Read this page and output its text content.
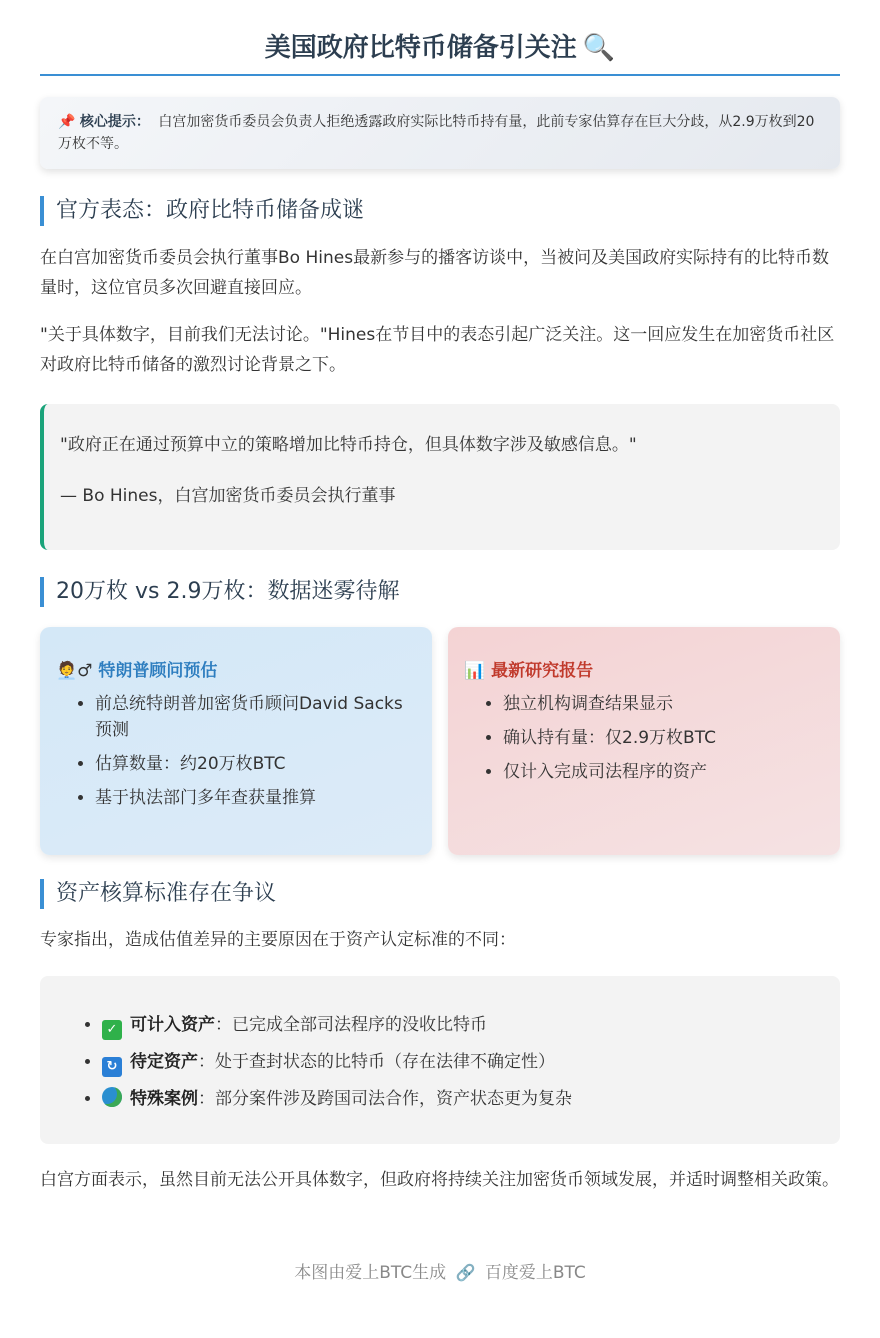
美国政府比特币储备引关注 🔍
📌 核心提示： 白宫加密货币委员会负责人拒绝透露政府实际比特币持有量，此前专家估算存在巨大分歧，从2.9万枚到20万枚不等。
官方表态：政府比特币储备成谜

在白宫加密货币委员会执行董事Bo Hines最新参与的播客访谈中，当被问及美国政府实际持有的比特币数量时，这位官员多次回避直接回应。

"关于具体数字，目前我们无法讨论。"Hines在节目中的表态引起广泛关注。这一回应发生在加密货币社区对政府比特币储备的激烈讨论背景之下。

"政府正在通过预算中立的策略增加比特币持仓，但具体数字涉及敏感信息。"

— Bo Hines，白宫加密货币委员会执行董事

20万枚 vs 2.9万枚：数据迷雾待解
🧑‍💼♂ 特朗普顾问预估
• 前总统特朗普加密货币顾问David Sacks预测
• 估算数量：约20万枚BTC
• 基于执法部门多年查获量推算
📊 最新研究报告
• 独立机构调查结果显示
• 确认持有量：仅2.9万枚BTC
• 仅计入完成司法程序的资产
资产核算标准存在争议

专家指出，造成估值差异的主要原因在于资产认定标准的不同：

• ✓ 可计入资产：已完成全部司法程序的没收比特币
• ↻ 待定资产：处于查封状态的比特币（存在法律不确定性）
• 特殊案例：部分案件涉及跨国司法合作，资产状态更为复杂

白宫方面表示，虽然目前无法公开具体数字，但政府将持续关注加密货币领域发展，并适时调整相关政策。

本图由爱上BTC生成 🔗 百度爱上BTC
